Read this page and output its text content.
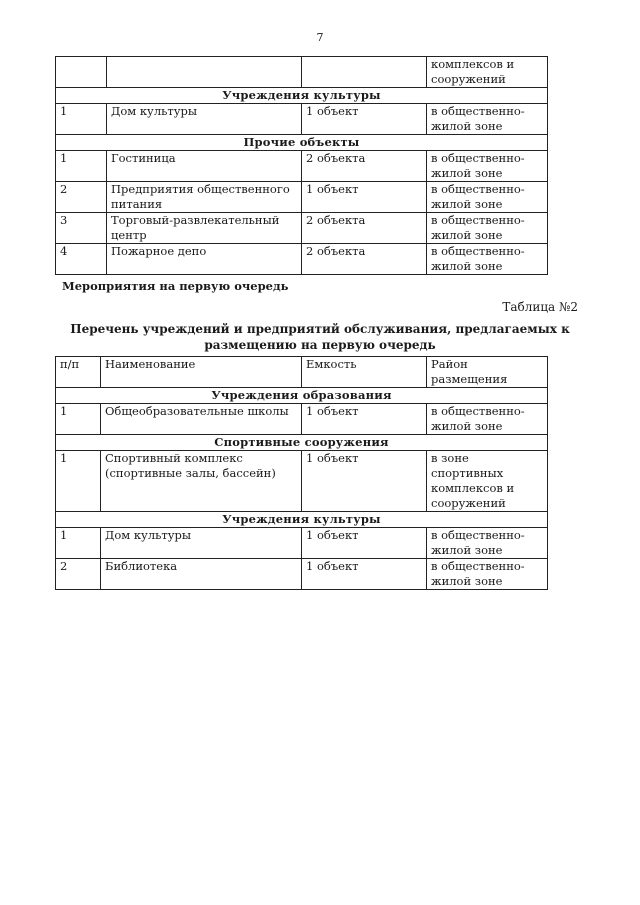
7
			комплексов и сооружений
Учреждения культуры			
1	Дом культуры	1 объект	в общественно-жилой зоне
Прочие объекты			
1	Гостиница	2 объекта	в общественно-жилой зоне
2	Предприятия общественного питания	1 объект	в общественно-жилой зоне
3	Торговый-развлекательный центр	2 объекта	в общественно-жилой зоне
4	Пожарное депо	2 объекта	в общественно-жилой зоне
Мероприятия на первую очередь
Таблица №2
Перечень учреждений и предприятий обслуживания, предлагаемых к размещению на первую очередь
п/п	Наименование	Емкость	Район размещения
Учреждения образования			
1	Общеобразовательные школы	1 объект	в общественно-жилой зоне
Спортивные сооружения			
1	Спортивный комплекс (спортивные залы, бассейн)	1 объект	в зоне спортивных комплексов и сооружений
Учреждения культуры			
1	Дом культуры	1 объект	в общественно-жилой зоне
2	Библиотека	1 объект	в общественно-жилой зоне
